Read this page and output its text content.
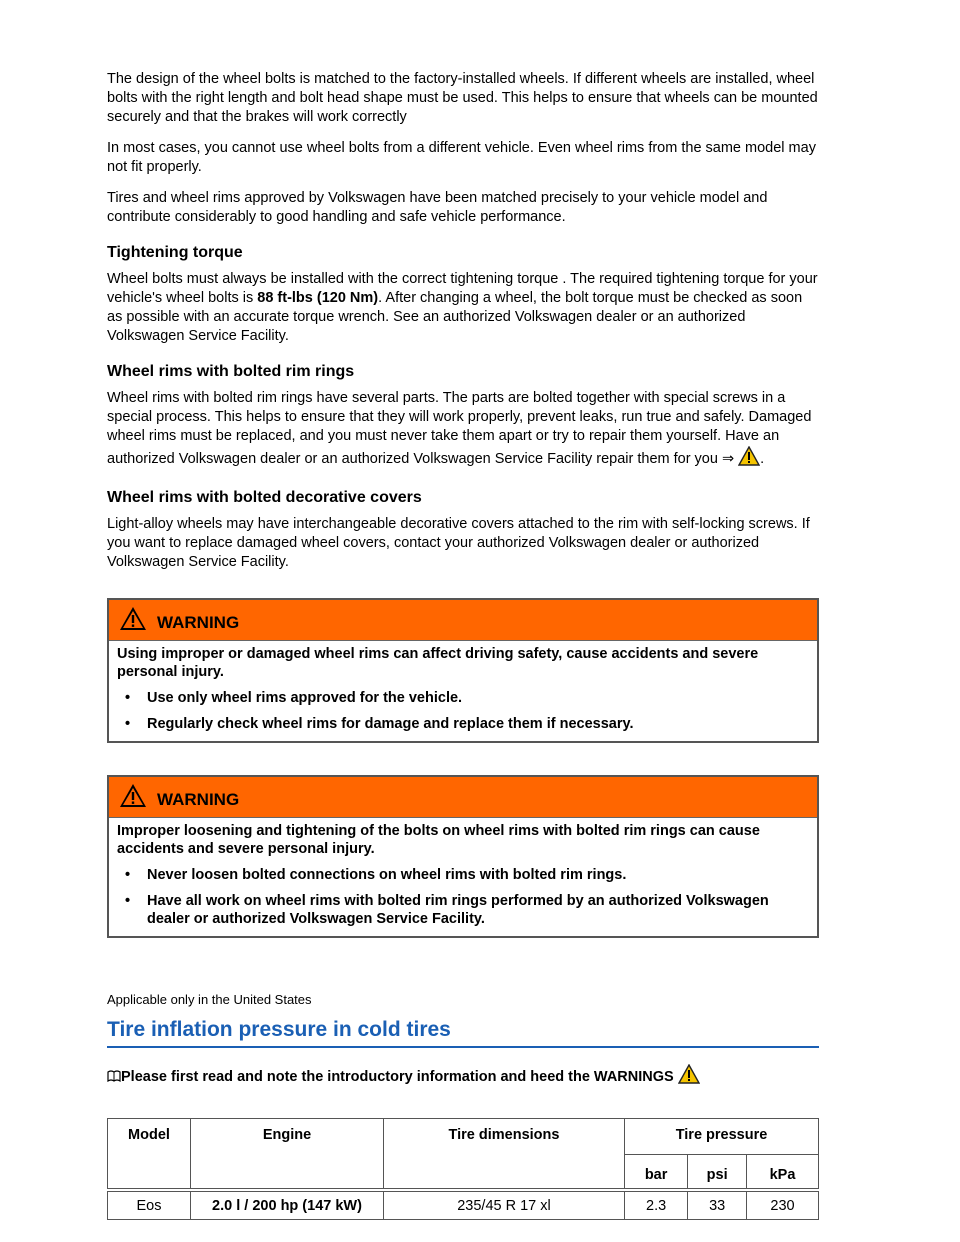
The design of the wheel bolts is matched to the factory-installed wheels. If different wheels are installed, wheel bolts with the right length and bolt head shape must be used. This helps to ensure that wheels can be mounted securely and that the brakes will work correctly

In most cases, you cannot use wheel bolts from a different vehicle. Even wheel rims from the same model may not fit properly.

Tires and wheel rims approved by Volkswagen have been matched precisely to your vehicle model and contribute considerably to good handling and safe vehicle performance.

Tightening torque

Wheel bolts must always be installed with the correct tightening torque . The required tightening torque for your vehicle's wheel bolts is 88 ft-lbs (120 Nm). After changing a wheel, the bolt torque must be checked as soon as possible with an accurate torque wrench. See an authorized Volkswagen dealer or an authorized Volkswagen Service Facility.

Wheel rims with bolted rim rings

Wheel rims with bolted rim rings have several parts. The parts are bolted together with special screws in a special process. This helps to ensure that they will work properly, prevent leaks, run true and safely. Damaged wheel rims must be replaced, and you must never take them apart or try to repair them yourself. Have an authorized Volkswagen dealer or an authorized Volkswagen Service Facility repair them for you ⇒ .

Wheel rims with bolted decorative covers

Light-alloy wheels may have interchangeable decorative covers attached to the rim with self-locking screws. If you want to replace damaged wheel covers, contact your authorized Volkswagen dealer or authorized Volkswagen Service Facility.

WARNING

Using improper or damaged wheel rims can affect driving safety, cause accidents and severe personal injury.

• Use only wheel rims approved for the vehicle.

• Regularly check wheel rims for damage and replace them if necessary.

WARNING

Improper loosening and tightening of the bolts on wheel rims with bolted rim rings can cause accidents and severe personal injury.

• Never loosen bolted connections on wheel rims with bolted rim rings.

• Have all work on wheel rims with bolted rim rings performed by an authorized Volkswagen dealer or authorized Volkswagen Service Facility.

Applicable only in the United States

Tire inflation pressure in cold tires

Please first read and note the introductory information and heed the WARNINGS

Model	Engine	Tire dimensions	Tire pressure		
			bar	psi	kPa
Eos	2.0 l / 200 hp (147 kW)	235/45 R 17 xl	2.3	33	230
